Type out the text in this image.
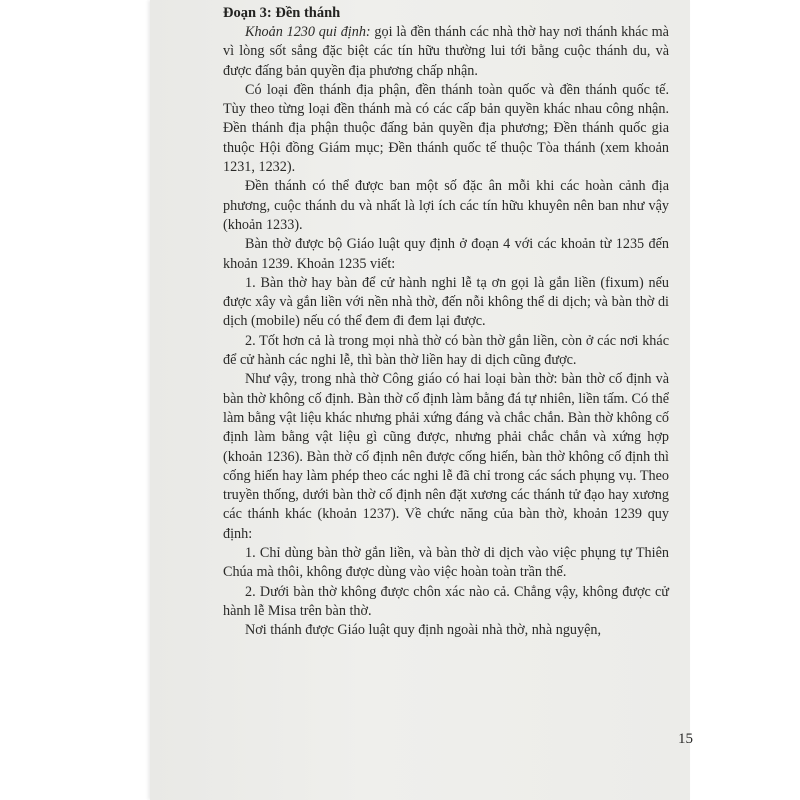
Đoạn 3: Đền thánh

Khoản 1230 qui định: gọi là đền thánh các nhà thờ hay nơi thánh khác mà vì lòng sốt sắng đặc biệt các tín hữu thường lui tới bằng cuộc thánh du, và được đấng bản quyền địa phương chấp nhận.

Có loại đền thánh địa phận, đền thánh toàn quốc và đền thánh quốc tế. Tùy theo từng loại đền thánh mà có các cấp bản quyền khác nhau công nhận. Đền thánh địa phận thuộc đấng bản quyền địa phương; Đền thánh quốc gia thuộc Hội đồng Giám mục; Đền thánh quốc tế thuộc Tòa thánh (xem khoản 1231, 1232).

Đền thánh có thể được ban một số đặc ân mỗi khi các hoàn cảnh địa phương, cuộc thánh du và nhất là lợi ích các tín hữu khuyên nên ban như vậy (khoản 1233).

Bàn thờ được bộ Giáo luật quy định ở đoạn 4 với các khoản từ 1235 đến khoản 1239. Khoản 1235 viết:

1. Bàn thờ hay bàn để cử hành nghi lễ tạ ơn gọi là gắn liền (fixum) nếu được xây và gắn liền với nền nhà thờ, đến nỗi không thể di dịch; và bàn thờ di dịch (mobile) nếu có thể đem đi đem lại được.

2. Tốt hơn cả là trong mọi nhà thờ có bàn thờ gắn liền, còn ở các nơi khác để cử hành các nghi lễ, thì bàn thờ liền hay di dịch cũng được.

Như vậy, trong nhà thờ Công giáo có hai loại bàn thờ: bàn thờ cố định và bàn thờ không cố định. Bàn thờ cố định làm bằng đá tự nhiên, liền tấm. Có thể làm bằng vật liệu khác nhưng phải xứng đáng và chắc chắn. Bàn thờ không cố định làm bằng vật liệu gì cũng được, nhưng phải chắc chắn và xứng hợp (khoản 1236). Bàn thờ cố định nên được cống hiến, bàn thờ không cố định thì cống hiến hay làm phép theo các nghi lễ đã chỉ trong các sách phụng vụ. Theo truyền thống, dưới bàn thờ cố định nên đặt xương các thánh tử đạo hay xương các thánh khác (khoản 1237). Về chức năng của bàn thờ, khoản 1239 quy định:

1. Chỉ dùng bàn thờ gắn liền, và bàn thờ di dịch vào việc phụng tự Thiên Chúa mà thôi, không được dùng vào việc hoàn toàn trần thế.

2. Dưới bàn thờ không được chôn xác nào cả. Chẳng vậy, không được cử hành lễ Misa trên bàn thờ.

Nơi thánh được Giáo luật quy định ngoài nhà thờ, nhà nguyện,

15
